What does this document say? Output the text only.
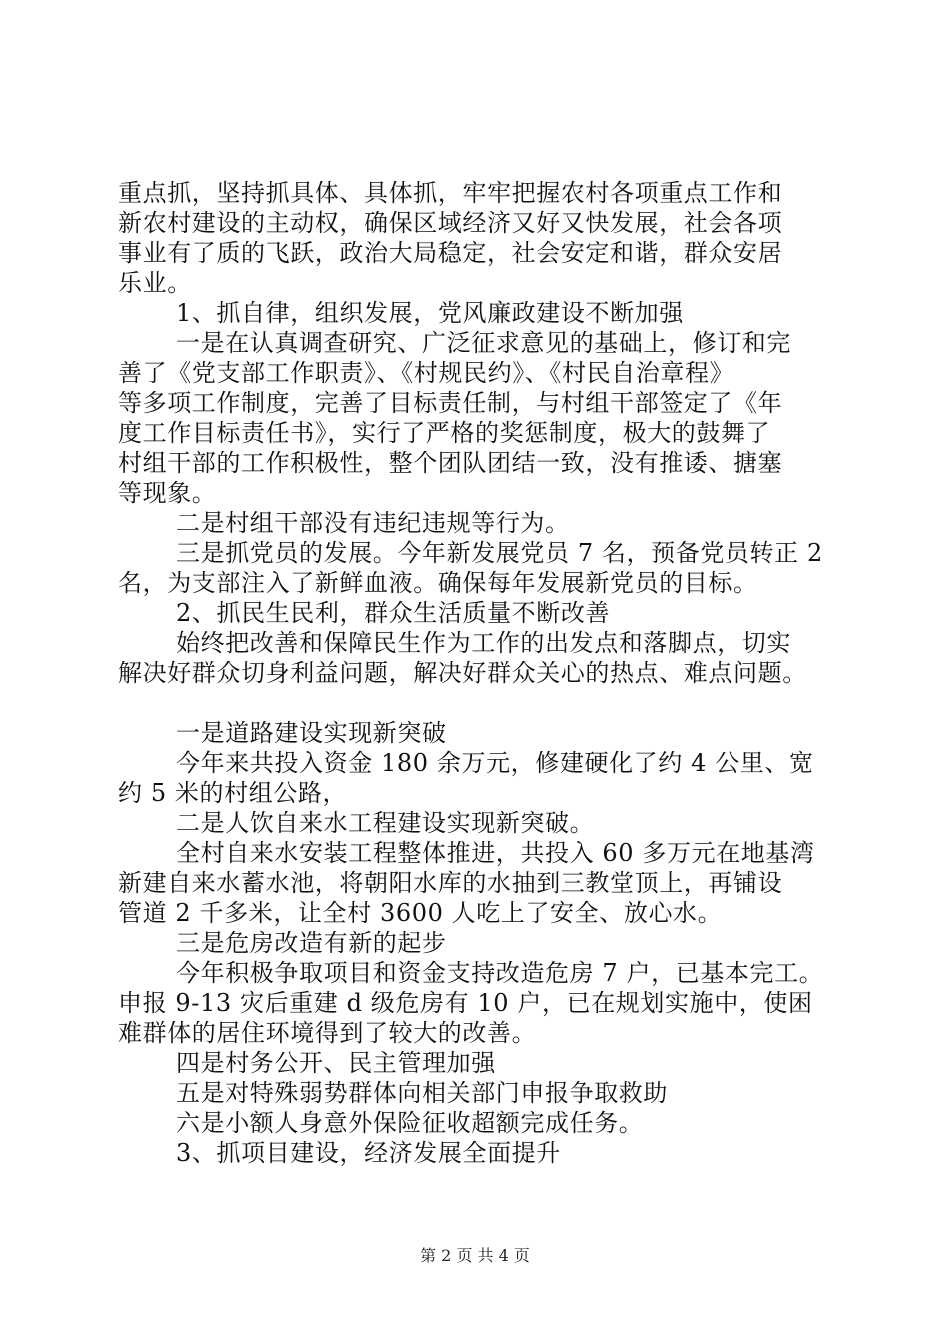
重点抓，坚持抓具体、具体抓，牢牢把握农村各项重点工作和
新农村建设的主动权，确保区域经济又好又快发展，社会各项
事业有了质的飞跃，政治大局稳定，社会安定和谐，群众安居
乐业。
1、抓自律，组织发展，党风廉政建设不断加强
一是在认真调查研究、广泛征求意见的基础上，修订和完
善了《党支部工作职责》、《村规民约》、《村民自治章程》
等多项工作制度，完善了目标责任制，与村组干部签定了《年
度工作目标责任书》，实行了严格的奖惩制度，极大的鼓舞了
村组干部的工作积极性，整个团队团结一致，没有推诿、搪塞
等现象。
二是村组干部没有违纪违规等行为。
三是抓党员的发展。今年新发展党员 7 名，预备党员转正 2
名，为支部注入了新鲜血液。确保每年发展新党员的目标。
2、抓民生民利，群众生活质量不断改善
始终把改善和保障民生作为工作的出发点和落脚点，切实
解决好群众切身利益问题，解决好群众关心的热点、难点问题。
一是道路建设实现新突破
今年来共投入资金 180 余万元，修建硬化了约 4 公里、宽
约 5 米的村组公路，
二是人饮自来水工程建设实现新突破。
全村自来水安装工程整体推进，共投入 60 多万元在地基湾
新建自来水蓄水池，将朝阳水库的水抽到三教堂顶上，再铺设
管道 2 千多米，让全村 3600 人吃上了安全、放心水。
三是危房改造有新的起步
今年积极争取项目和资金支持改造危房 7 户，已基本完工。
申报 9-13 灾后重建 d 级危房有 10 户，已在规划实施中，使困
难群体的居住环境得到了较大的改善。
四是村务公开、民主管理加强
五是对特殊弱势群体向相关部门申报争取救助
六是小额人身意外保险征收超额完成任务。
3、抓项目建设，经济发展全面提升
第 2 页 共 4 页
